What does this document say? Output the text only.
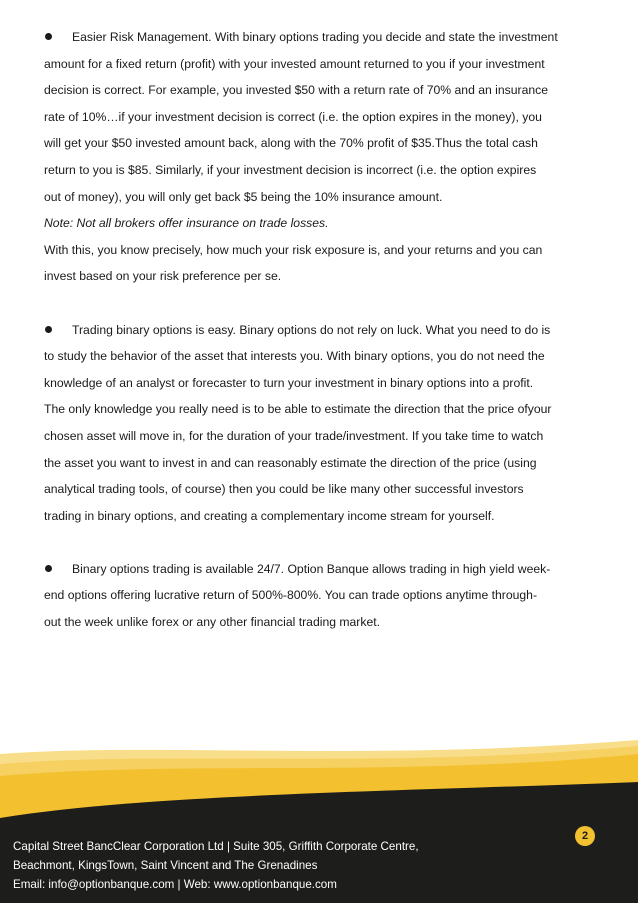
Easier Risk Management. With binary options trading you decide and state the investment
amount for a fixed return (profit) with your invested amount returned to you if your investment
decision is correct. For example, you invested $50 with a return rate of 70% and an insurance
rate of 10%…if your investment decision is correct (i.e. the option expires in the money), you
will get your $50 invested amount back, along with the 70% profit of $35.Thus the total cash
return to you is $85. Similarly, if your investment decision is incorrect (i.e. the option expires
out of money), you will only get back $5 being the 10% insurance amount.
Note: Not all brokers offer insurance on trade losses.
With this, you know precisely, how much your risk exposure is, and your returns and you can
invest based on your risk preference per se.
Trading binary options is easy. Binary options do not rely on luck. What you need to do is
to study the behavior of the asset that interests you. With binary options, you do not need the
knowledge of an analyst or forecaster to turn your investment in binary options into a profit.
The only knowledge you really need is to be able to estimate the direction that the price ofyour
chosen asset will move in, for the duration of your trade/investment. If you take time to watch
the asset you want to invest in and can reasonably estimate the direction of the price (using
analytical trading tools, of course) then you could be like many other successful investors
trading in binary options, and creating a complementary income stream for yourself.
Binary options trading is available 24/7. Option Banque allows trading in high yield week-
end options offering lucrative return of 500%-800%. You can trade options anytime through-
out the week unlike forex or any other financial trading market.
2
Capital Street BancClear Corporation Ltd | Suite 305, Griffith Corporate Centre,
Beachmont, KingsTown, Saint Vincent and The Grenadines
Email: info@optionbanque.com | Web: www.optionbanque.com
